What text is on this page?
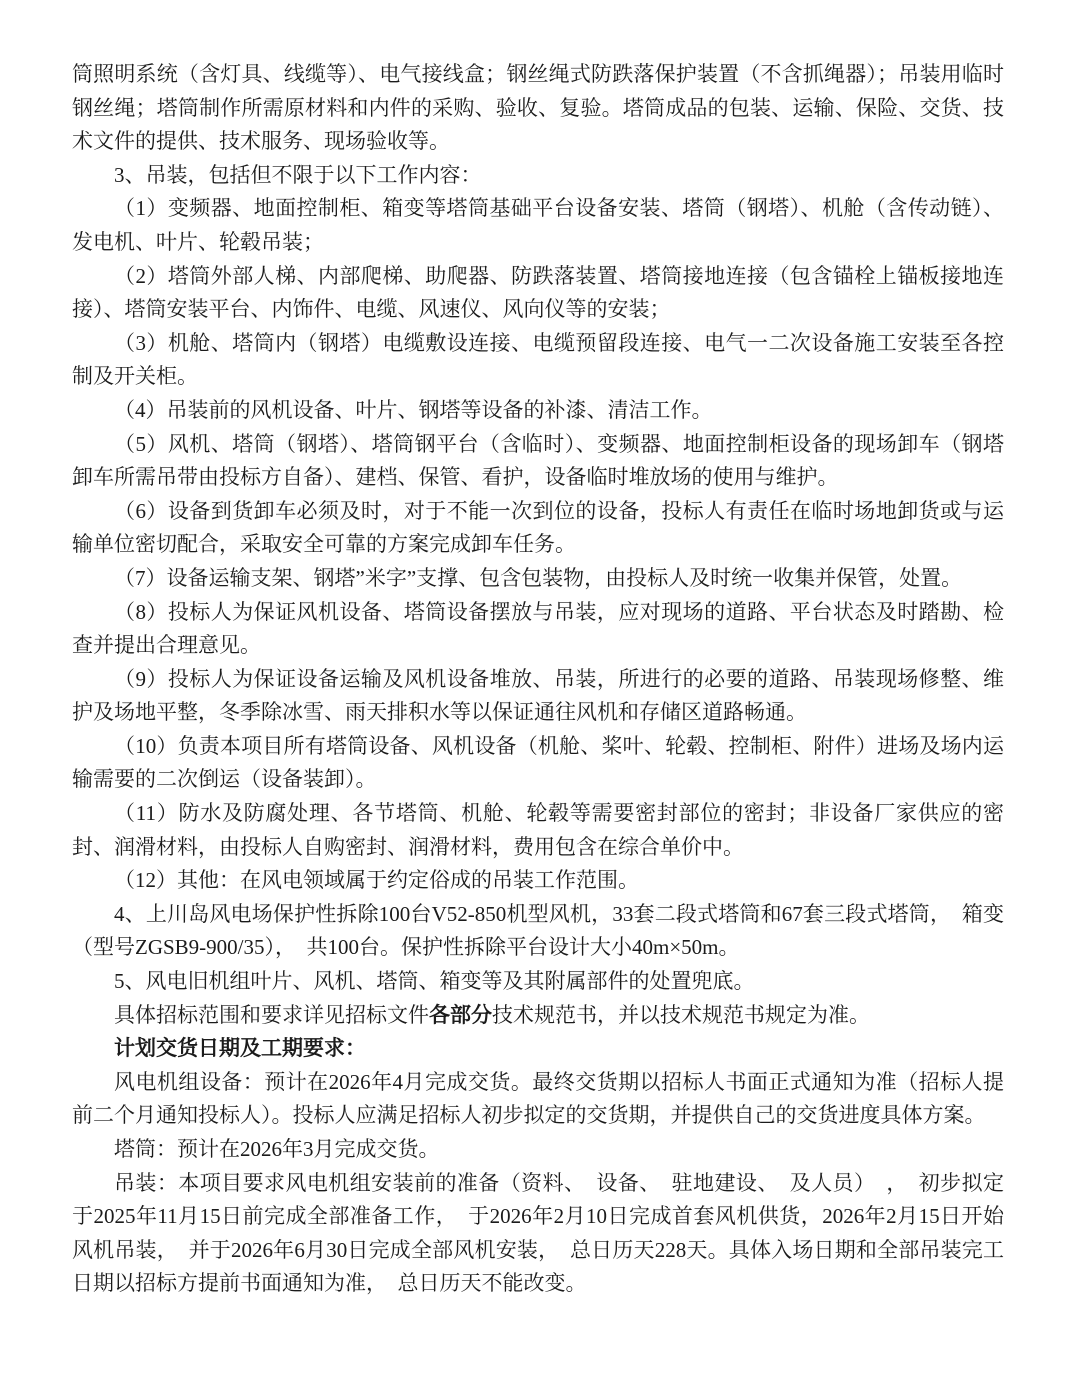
筒照明系统（含灯具、线缆等）、电气接线盒；钢丝绳式防跌落保护装置（不含抓绳器）；吊装用临时钢丝绳；塔筒制作所需原材料和内件的采购、验收、复验。塔筒成品的包装、运输、保险、交货、技术文件的提供、技术服务、现场验收等。

3、吊装，包括但不限于以下工作内容：

（1）变频器、地面控制柜、箱变等塔筒基础平台设备安装、塔筒（钢塔）、机舱（含传动链）、发电机、叶片、轮毂吊装；

（2）塔筒外部人梯、内部爬梯、助爬器、防跌落装置、塔筒接地连接（包含锚栓上锚板接地连接）、塔筒安装平台、内饰件、电缆、风速仪、风向仪等的安装；

（3）机舱、塔筒内（钢塔）电缆敷设连接、电缆预留段连接、电气一二次设备施工安装至各控制及开关柜。

（4）吊装前的风机设备、叶片、钢塔等设备的补漆、清洁工作。

（5）风机、塔筒（钢塔）、塔筒钢平台（含临时）、变频器、地面控制柜设备的现场卸车（钢塔卸车所需吊带由投标方自备）、建档、保管、看护，设备临时堆放场的使用与维护。

（6）设备到货卸车必须及时，对于不能一次到位的设备，投标人有责任在临时场地卸货或与运输单位密切配合，采取安全可靠的方案完成卸车任务。

（7）设备运输支架、钢塔”米字”支撑、包含包装物，由投标人及时统一收集并保管，处置。

（8）投标人为保证风机设备、塔筒设备摆放与吊装，应对现场的道路、平台状态及时踏勘、检查并提出合理意见。

（9）投标人为保证设备运输及风机设备堆放、吊装，所进行的必要的道路、吊装现场修整、维护及场地平整，冬季除冰雪、雨天排积水等以保证通往风机和存储区道路畅通。

（10）负责本项目所有塔筒设备、风机设备（机舱、桨叶、轮毂、控制柜、附件）进场及场内运输需要的二次倒运（设备装卸）。

（11）防水及防腐处理、各节塔筒、机舱、轮毂等需要密封部位的密封；非设备厂家供应的密封、润滑材料，由投标人自购密封、润滑材料，费用包含在综合单价中。

（12）其他：在风电领域属于约定俗成的吊装工作范围。

4、上川岛风电场保护性拆除100台V52-850机型风机，33套二段式塔筒和67套三段式塔筒，　箱变（型号ZGSB9-900/35），　共100台。保护性拆除平台设计大小40m×50m。

5、风电旧机组叶片、风机、塔筒、箱变等及其附属部件的处置兜底。

具体招标范围和要求详见招标文件各部分技术规范书，并以技术规范书规定为准。

计划交货日期及工期要求：

风电机组设备：预计在2026年4月完成交货。最终交货期以招标人书面正式通知为准（招标人提前二个月通知投标人）。投标人应满足招标人初步拟定的交货期，并提供自己的交货进度具体方案。

塔筒：预计在2026年3月完成交货。

吊装：本项目要求风电机组安装前的准备（资料、　设备、　驻地建设、　及人员）　，　初步拟定于2025年11月15日前完成全部准备工作，　于2026年2月10日完成首套风机供货，2026年2月15日开始风机吊装，　并于2026年6月30日完成全部风机安装，　总日历天228天。具体入场日期和全部吊装完工日期以招标方提前书面通知为准，　总日历天不能改变。
